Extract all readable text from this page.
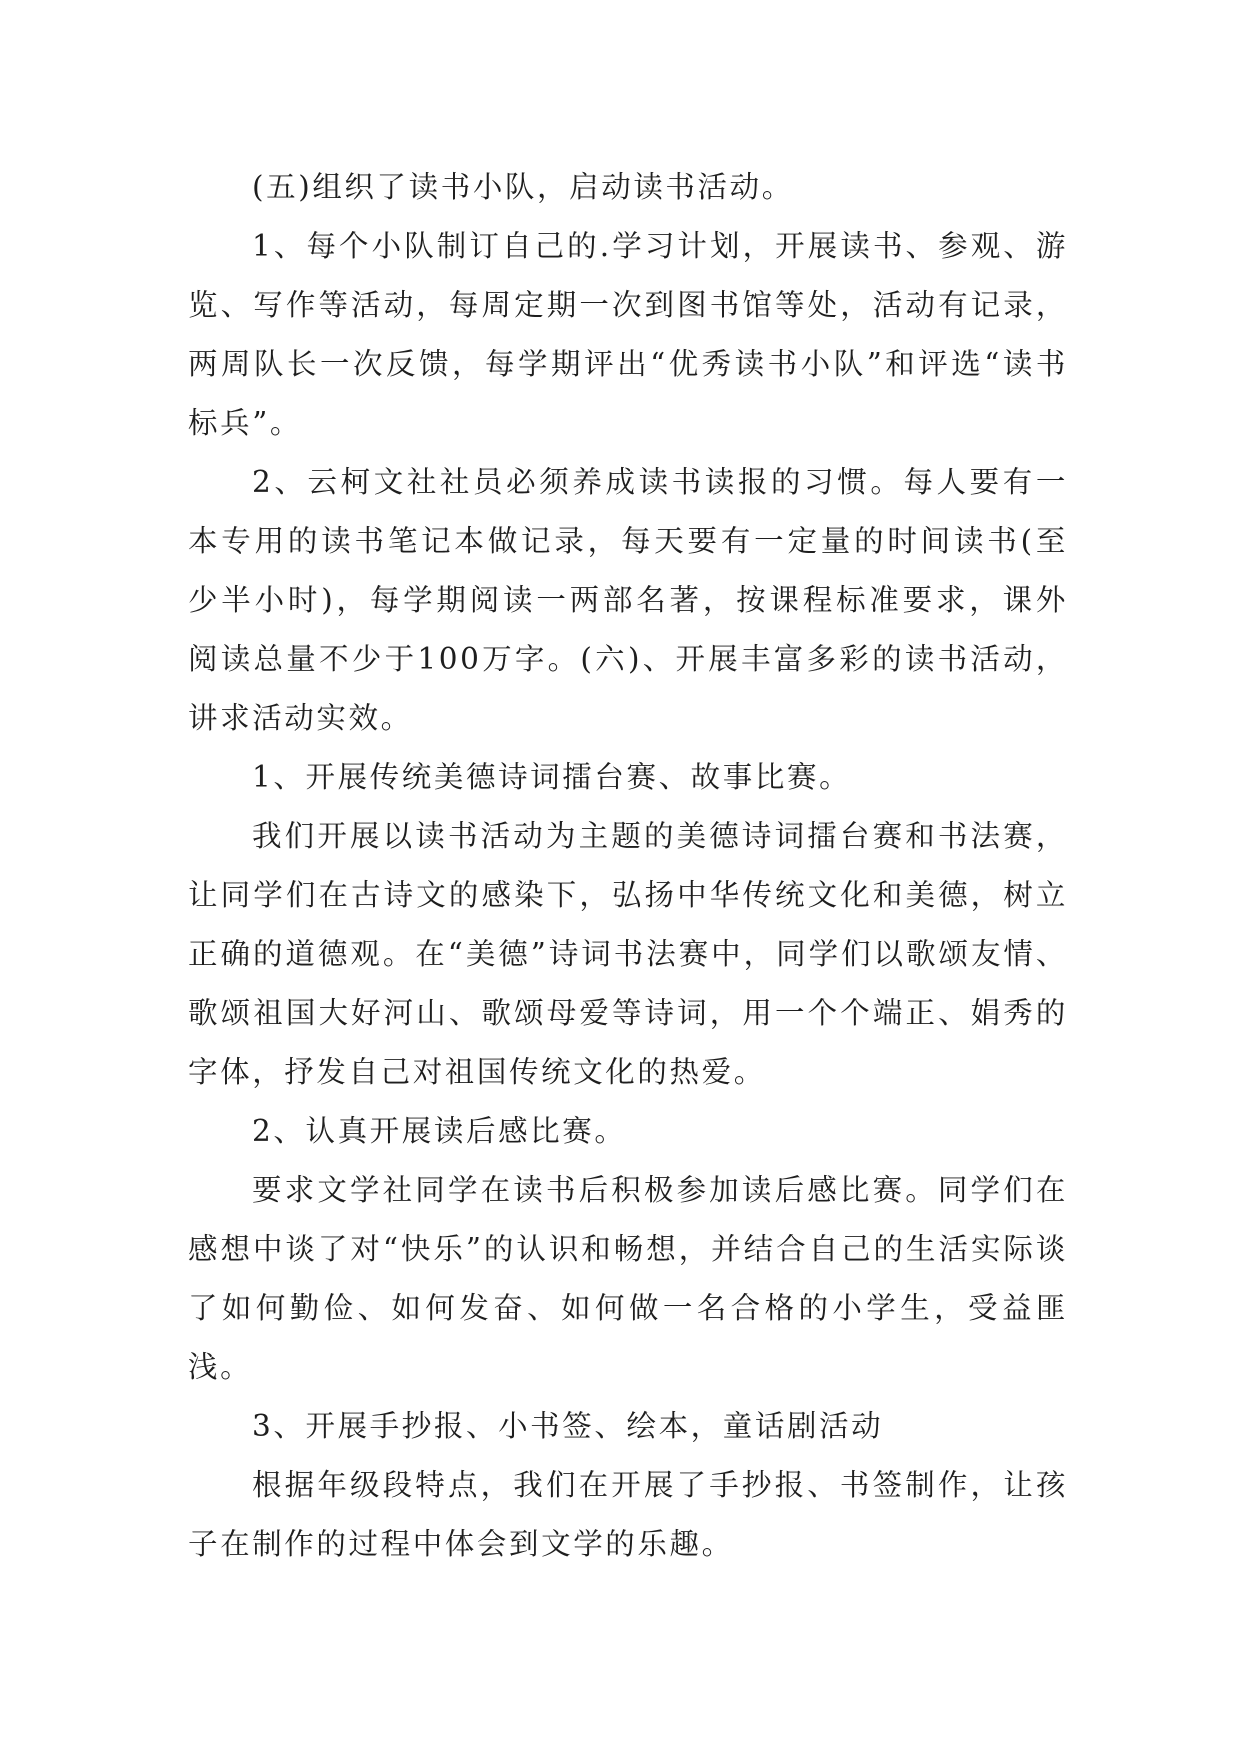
(五)组织了读书小队，启动读书活动。

1、每个小队制订自己的.学习计划，开展读书、参观、游览、写作等活动，每周定期一次到图书馆等处，活动有记录，两周队长一次反馈，每学期评出“优秀读书小队”和评选“读书标兵”。

2、云柯文社社员必须养成读书读报的习惯。每人要有一本专用的读书笔记本做记录，每天要有一定量的时间读书(至少半小时)，每学期阅读一两部名著，按课程标准要求，课外阅读总量不少于100万字。(六)、开展丰富多彩的读书活动，讲求活动实效。

1、开展传统美德诗词擂台赛、故事比赛。

我们开展以读书活动为主题的美德诗词擂台赛和书法赛，让同学们在古诗文的感染下，弘扬中华传统文化和美德，树立正确的道德观。在“美德”诗词书法赛中，同学们以歌颂友情、歌颂祖国大好河山、歌颂母爱等诗词，用一个个端正、娟秀的字体，抒发自己对祖国传统文化的热爱。

2、认真开展读后感比赛。

要求文学社同学在读书后积极参加读后感比赛。同学们在感想中谈了对“快乐”的认识和畅想，并结合自己的生活实际谈了如何勤俭、如何发奋、如何做一名合格的小学生，受益匪浅。

3、开展手抄报、小书签、绘本，童话剧活动

根据年级段特点，我们在开展了手抄报、书签制作，让孩子在制作的过程中体会到文学的乐趣。
